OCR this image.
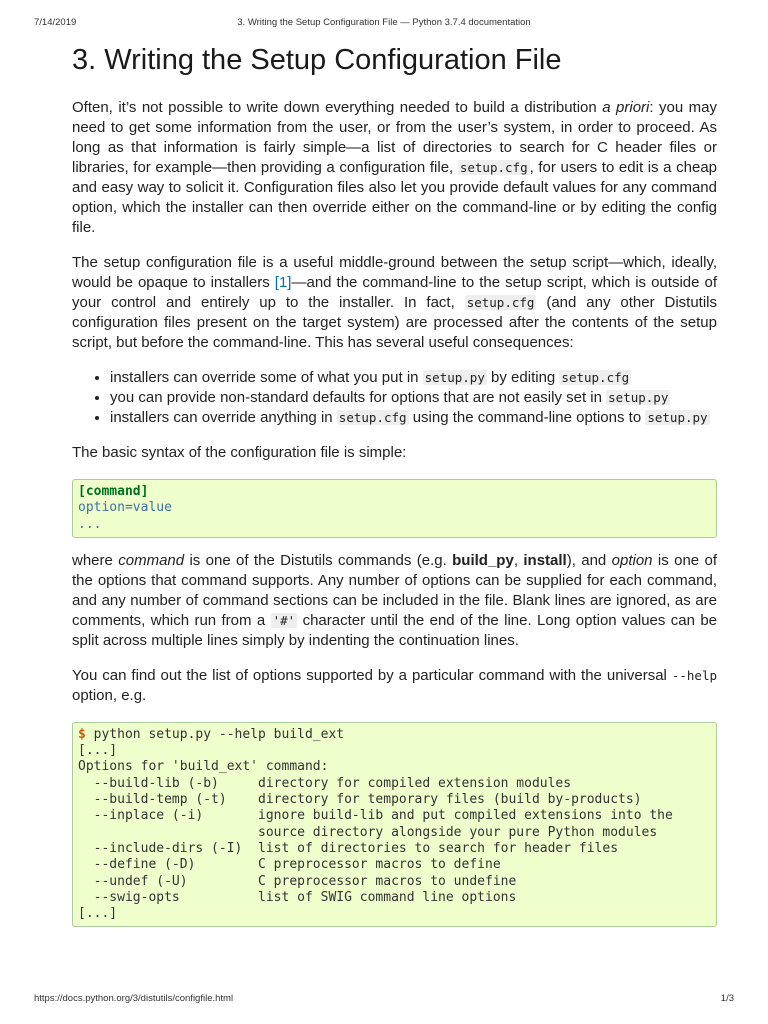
7/14/2019	3. Writing the Setup Configuration File — Python 3.7.4 documentation
3. Writing the Setup Configuration File

Often, it’s not possible to write down everything needed to build a distribution a priori: you may need to get some information from the user, or from the user’s system, in order to proceed. As long as that information is fairly simple—a list of directories to search for C header files or libraries, for example—then providing a configuration file, setup.cfg , for users to edit is a cheap and easy way to solicit it. Configuration files also let you provide default values for any command option, which the installer can then override either on the command-line or by editing the config file.

The setup configuration file is a useful middle-ground between the setup script—which, ideally, would be opaque to installers [1]—and the command-line to the setup script, which is outside of your control and entirely up to the installer. In fact, setup.cfg (and any other Distutils configuration files present on the target system) are processed after the contents of the setup script, but before the command-line. This has several useful consequences:

• installers can override some of what you put in setup.py by editing setup.cfg
• you can provide non-standard defaults for options that are not easily set in setup.py
• installers can override anything in setup.cfg using the command-line options to setup.py

The basic syntax of the configuration file is simple:

[command]
option=value
...

where command is one of the Distutils commands (e.g. build_py, install), and option is one of the options that command supports. Any number of options can be supplied for each command, and any number of command sections can be included in the file. Blank lines are ignored, as are comments, which run from a '#' character until the end of the line. Long option values can be split across multiple lines simply by indenting the continuation lines.

You can find out the list of options supported by a particular command with the universal --help option, e.g.

$ python setup.py --help build_ext
[...]
Options for 'build_ext' command:
--build-lib (-b)     directory for compiled extension modules
--build-temp (-t)    directory for temporary files (build by-products)
--inplace (-i)       ignore build-lib and put compiled extensions into the
source directory alongside your pure Python modules
--include-dirs (-I)  list of directories to search for header files
--define (-D)        C preprocessor macros to define
--undef (-U)         C preprocessor macros to undefine
--swig-opts          list of SWIG command line options
[...]
https://docs.python.org/3/distutils/configfile.html	1/3
